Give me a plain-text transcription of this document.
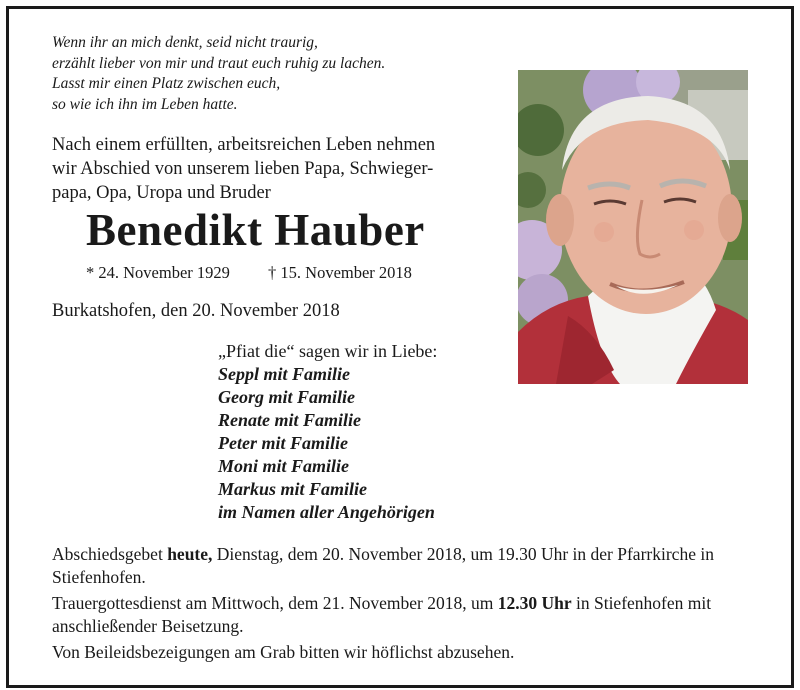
Wenn ihr an mich denkt, seid nicht traurig,
erzählt lieber von mir und traut euch ruhig zu lachen.
Lasst mir einen Platz zwischen euch,
so wie ich ihn im Leben hatte.
Nach einem erfüllten, arbeitsreichen Leben nehmen
wir Abschied von unserem lieben Papa, Schwieger-
papa, Opa, Uropa und Bruder
Benedikt Hauber
* 24. November 1929 † 15. November 2018
Burkatshofen, den 20. November 2018
„Pfiat die“ sagen wir in Liebe:
Seppl mit Familie
Georg mit Familie
Renate mit Familie
Peter mit Familie
Moni mit Familie
Markus mit Familie
im Namen aller Angehörigen

Abschiedsgebet heute, Dienstag, dem 20. November 2018, um 19.30 Uhr in der Pfarrkirche in Stiefenhofen.

Trauergottesdienst am Mittwoch, dem 21. November 2018, um 12.30 Uhr in Stiefenhofen mit anschließender Beisetzung.

Von Beileidsbezeigungen am Grab bitten wir höflichst abzusehen.
